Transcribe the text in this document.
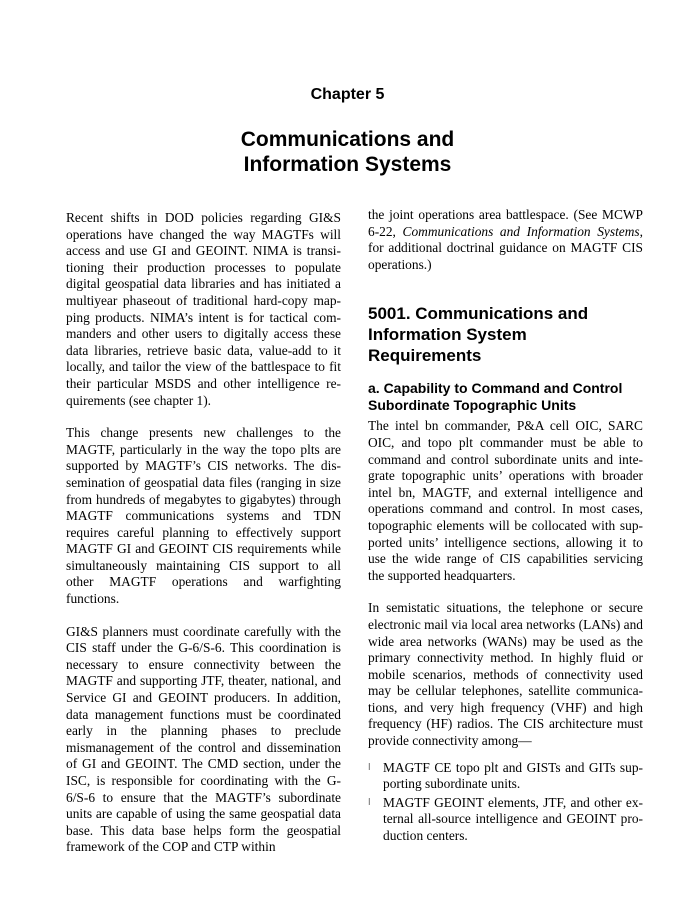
Chapter 5
Communications and
Information Systems

Recent shifts in DOD policies regarding GI&S operations have changed the way MAGTFs will access and use GI and GEOINT. NIMA is transitioning their production processes to populate digital geospatial data libraries and has initiated a multiyear phaseout of traditional hard-copy mapping products. NIMA’s intent is for tactical commanders and other users to digitally access these data libraries, retrieve basic data, value-add to it locally, and tailor the view of the battlespace to fit their particular MSDS and other intelligence requirements (see chapter 1).

This change presents new challenges to the MAGTF, particularly in the way the topo plts are supported by MAGTF’s CIS networks. The dissemination of geospatial data files (ranging in size from hundreds of megabytes to gigabytes) through MAGTF communications systems and TDN requires careful planning to effectively support MAGTF GI and GEOINT CIS requirements while simultaneously maintaining CIS support to all other MAGTF operations and warfighting functions.

GI&S planners must coordinate carefully with the CIS staff under the G-6/S-6. This coordination is necessary to ensure connectivity between the MAGTF and supporting JTF, theater, national, and Service GI and GEOINT producers. In addition, data management functions must be coordinated early in the planning phases to preclude mismanagement of the control and dissemination of GI and GEOINT. The CMD section, under the ISC, is responsible for coordinating with the G-6/S-6 to ensure that the MAGTF’s subordinate units are capable of using the same geospatial data base. This data base helps form the geospatial framework of the COP and CTP within

the joint operations area battlespace. (See MCWP 6-22, Communications and Information Systems, for additional doctrinal guidance on MAGTF CIS operations.)

5001. Communications and Information System Requirements
a. Capability to Command and Control Subordinate Topographic Units

The intel bn commander, P&A cell OIC, SARC OIC, and topo plt commander must be able to command and control subordinate units and integrate topographic units’ operations with broader intel bn, MAGTF, and external intelligence and operations command and control. In most cases, topographic elements will be collocated with supported units’ intelligence sections, allowing it to use the wide range of CIS capabilities servicing the supported headquarters.

In semistatic situations, the telephone or secure electronic mail via local area networks (LANs) and wide area networks (WANs) may be used as the primary connectivity method. In highly fluid or mobile scenarios, methods of connectivity used may be cellular telephones, satellite communications, and very high frequency (VHF) and high frequency (HF) radios. The CIS architecture must provide connectivity among—

l MAGTF CE topo plt and GISTs and GITs supporting subordinate units.
l MAGTF GEOINT elements, JTF, and other external all-source intelligence and GEOINT production centers.
